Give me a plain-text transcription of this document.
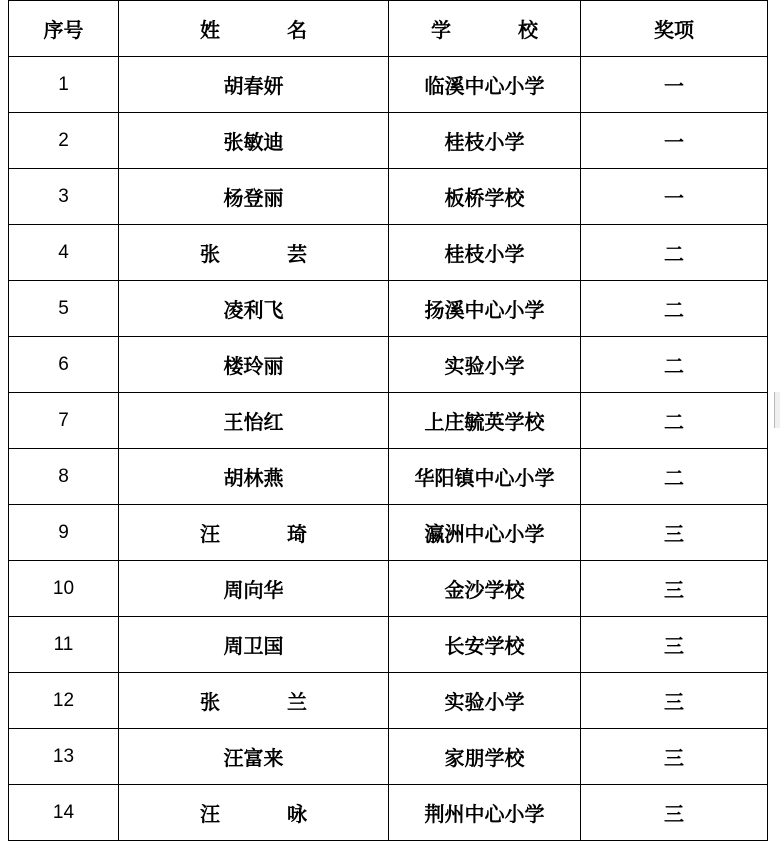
序号	姓 名	学 校	奖项
1	胡春妍	临溪中心小学	一
2	张敏迪	桂枝小学	一
3	杨登丽	板桥学校	一
4	张 芸	桂枝小学	二
5	凌利飞	扬溪中心小学	二
6	楼玲丽	实验小学	二
7	王怡红	上庄毓英学校	二
8	胡林燕	华阳镇中心小学	二
9	汪 琦	瀛洲中心小学	三
10	周向华	金沙学校	三
11	周卫国	长安学校	三
12	张 兰	实验小学	三
13	汪富来	家朋学校	三
14	汪 咏	荆州中心小学	三
